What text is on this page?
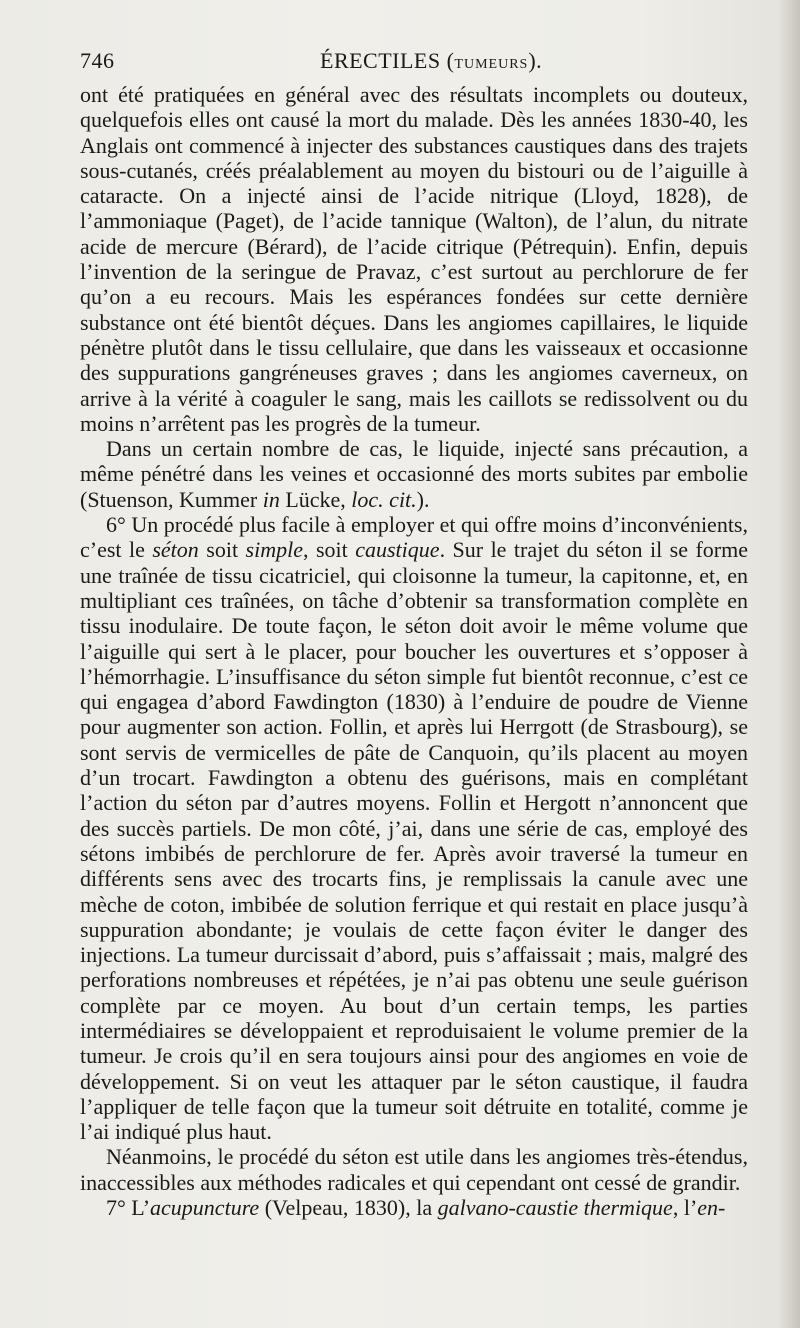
746	ÉRECTILES (TUMEURS).

ont été pratiquées en général avec des résultats incomplets ou douteux, quelquefois elles ont causé la mort du malade. Dès les années 1830-40, les Anglais ont commencé à injecter des substances caustiques dans des trajets sous-cutanés, créés préalablement au moyen du bistouri ou de l’aiguille à cataracte. On a injecté ainsi de l’acide nitrique (Lloyd, 1828), de l’ammoniaque (Paget), de l’acide tannique (Walton), de l’alun, du nitrate acide de mercure (Bérard), de l’acide citrique (Pétrequin). Enfin, depuis l’invention de la seringue de Pravaz, c’est surtout au perchlorure de fer qu’on a eu recours. Mais les espérances fondées sur cette dernière substance ont été bientôt déçues. Dans les angiomes capillaires, le liquide pénètre plutôt dans le tissu cellulaire, que dans les vaisseaux et occasionne des suppurations gangréneuses graves ; dans les angiomes caverneux, on arrive à la vérité à coaguler le sang, mais les caillots se redissolvent ou du moins n’arrêtent pas les progrès de la tumeur.

Dans un certain nombre de cas, le liquide, injecté sans précaution, a même pénétré dans les veines et occasionné des morts subites par embolie (Stuenson, Kummer in Lücke, loc. cit.).

6° Un procédé plus facile à employer et qui offre moins d’inconvénients, c’est le séton soit simple, soit caustique. Sur le trajet du séton il se forme une traînée de tissu cicatriciel, qui cloisonne la tumeur, la capitonne, et, en multipliant ces traînées, on tâche d’obtenir sa transformation complète en tissu inodulaire. De toute façon, le séton doit avoir le même volume que l’aiguille qui sert à le placer, pour boucher les ouvertures et s’opposer à l’hémorrhagie. L’insuffisance du séton simple fut bientôt reconnue, c’est ce qui engagea d’abord Fawdington (1830) à l’enduire de poudre de Vienne pour augmenter son action. Follin, et après lui Herrgott (de Strasbourg), se sont servis de vermicelles de pâte de Canquoin, qu’ils placent au moyen d’un trocart. Fawdington a obtenu des guérisons, mais en complétant l’action du séton par d’autres moyens. Follin et Hergott n’annoncent que des succès partiels. De mon côté, j’ai, dans une série de cas, employé des sétons imbibés de perchlorure de fer. Après avoir traversé la tumeur en différents sens avec des trocarts fins, je remplissais la canule avec une mèche de coton, imbibée de solution ferrique et qui restait en place jusqu’à suppuration abondante; je voulais de cette façon éviter le danger des injections. La tumeur durcissait d’abord, puis s’affaissait ; mais, malgré des perforations nombreuses et répétées, je n’ai pas obtenu une seule guérison complète par ce moyen. Au bout d’un certain temps, les parties intermédiaires se développaient et reproduisaient le volume premier de la tumeur. Je crois qu’il en sera toujours ainsi pour des angiomes en voie de développement. Si on veut les attaquer par le séton caustique, il faudra l’appliquer de telle façon que la tumeur soit détruite en totalité, comme je l’ai indiqué plus haut.

Néanmoins, le procédé du séton est utile dans les angiomes très-étendus, inaccessibles aux méthodes radicales et qui cependant ont cessé de grandir.

7° L’acupuncture (Velpeau, 1830), la galvano-caustie thermique, l’en-
